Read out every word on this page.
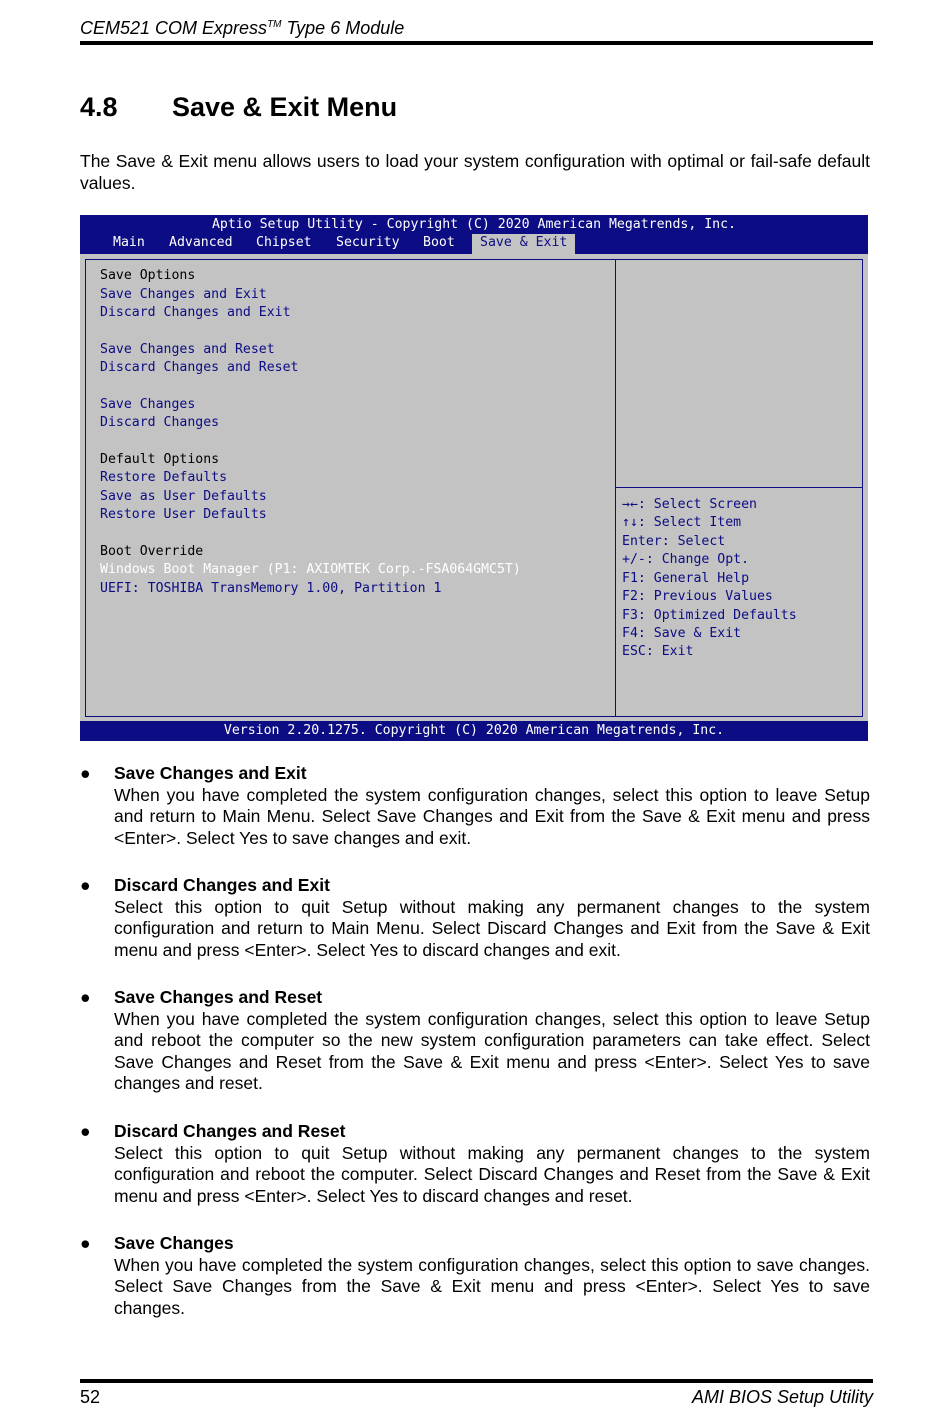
CEM521 COM Express™ Type 6 Module
4.8 Save & Exit Menu
The Save & Exit menu allows users to load your system configuration with optimal or fail-safe default values.
Aptio Setup Utility - Copyright (C) 2020 American Megatrends, Inc.
Main	Advanced	Chipset	Security	Boot	Save & Exit
Save Options
Save Changes and Exit
Discard Changes and Exit
Save Changes and Reset
Discard Changes and Reset
Save Changes
Discard Changes
Default Options
Restore Defaults
Save as User Defaults
Restore User Defaults
Boot Override
Windows Boot Manager (P1: AXIOMTEK Corp.-FSA064GMC5T)
UEFI: TOSHIBA TransMemory 1.00, Partition 1
→←: Select Screen
↑↓: Select Item
Enter: Select
+/-: Change Opt.
F1: General Help
F2: Previous Values
F3: Optimized Defaults
F4: Save & Exit
ESC: Exit
Version 2.20.1275. Copyright (C) 2020 American Megatrends, Inc.
●	Save Changes and Exit
When you have completed the system configuration changes, select this option to leave Setup and return to Main Menu. Select Save Changes and Exit from the Save & Exit menu and press <Enter>. Select Yes to save changes and exit.
●	Discard Changes and Exit
Select this option to quit Setup without making any permanent changes to the system configuration and return to Main Menu. Select Discard Changes and Exit from the Save & Exit menu and press <Enter>. Select Yes to discard changes and exit.
●	Save Changes and Reset
When you have completed the system configuration changes, select this option to leave Setup and reboot the computer so the new system configuration parameters can take effect. Select Save Changes and Reset from the Save & Exit menu and press <Enter>. Select Yes to save changes and reset.
●	Discard Changes and Reset
Select this option to quit Setup without making any permanent changes to the system configuration and reboot the computer. Select Discard Changes and Reset from the Save & Exit menu and press <Enter>. Select Yes to discard changes and reset.
●	Save Changes
When you have completed the system configuration changes, select this option to save changes. Select Save Changes from the Save & Exit menu and press <Enter>. Select Yes to save changes.
52	AMI BIOS Setup Utility
